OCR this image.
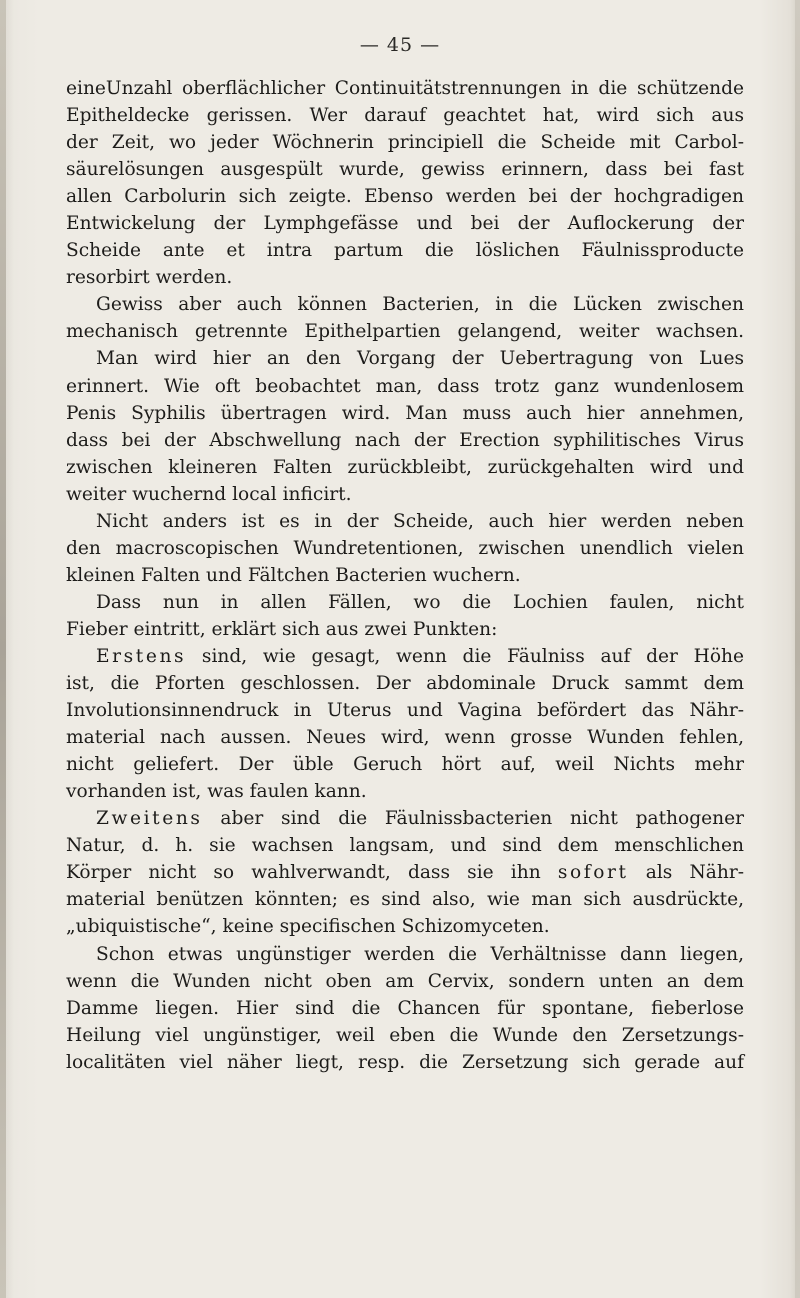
— 45 —
eineUnzahl oberflächlicher Continuitätstrennungen in die schützende
Epitheldecke gerissen. Wer darauf geachtet hat, wird sich aus
der Zeit, wo jeder Wöchnerin principiell die Scheide mit Carbol-
säurelösungen ausgespült wurde, gewiss erinnern, dass bei fast
allen Carbolurin sich zeigte. Ebenso werden bei der hochgradigen
Entwickelung der Lymphgefässe und bei der Auflockerung der
Scheide ante et intra partum die löslichen Fäulnissproducte
resorbirt werden.
Gewiss aber auch können Bacterien, in die Lücken zwischen
mechanisch getrennte Epithelpartien gelangend, weiter wachsen.
Man wird hier an den Vorgang der Uebertragung von Lues
erinnert. Wie oft beobachtet man, dass trotz ganz wundenlosem
Penis Syphilis übertragen wird. Man muss auch hier annehmen,
dass bei der Abschwellung nach der Erection syphilitisches Virus
zwischen kleineren Falten zurückbleibt, zurückgehalten wird und
weiter wuchernd local inficirt.
Nicht anders ist es in der Scheide, auch hier werden neben
den macroscopischen Wundretentionen, zwischen unendlich vielen
kleinen Falten und Fältchen Bacterien wuchern.
Dass nun in allen Fällen, wo die Lochien faulen, nicht
Fieber eintritt, erklärt sich aus zwei Punkten:
Erstens sind, wie gesagt, wenn die Fäulniss auf der Höhe
ist, die Pforten geschlossen. Der abdominale Druck sammt dem
Involutionsinnendruck in Uterus und Vagina befördert das Nähr-
material nach aussen. Neues wird, wenn grosse Wunden fehlen,
nicht geliefert. Der üble Geruch hört auf, weil Nichts mehr
vorhanden ist, was faulen kann.
Zweitens aber sind die Fäulnissbacterien nicht pathogener
Natur, d. h. sie wachsen langsam, und sind dem menschlichen
Körper nicht so wahlverwandt, dass sie ihn sofort als Nähr-
material benützen könnten; es sind also, wie man sich ausdrückte,
„ubiquistische“, keine specifischen Schizomyceten.
Schon etwas ungünstiger werden die Verhältnisse dann liegen,
wenn die Wunden nicht oben am Cervix, sondern unten an dem
Damme liegen. Hier sind die Chancen für spontane, fieberlose
Heilung viel ungünstiger, weil eben die Wunde den Zersetzungs-
localitäten viel näher liegt, resp. die Zersetzung sich gerade auf
